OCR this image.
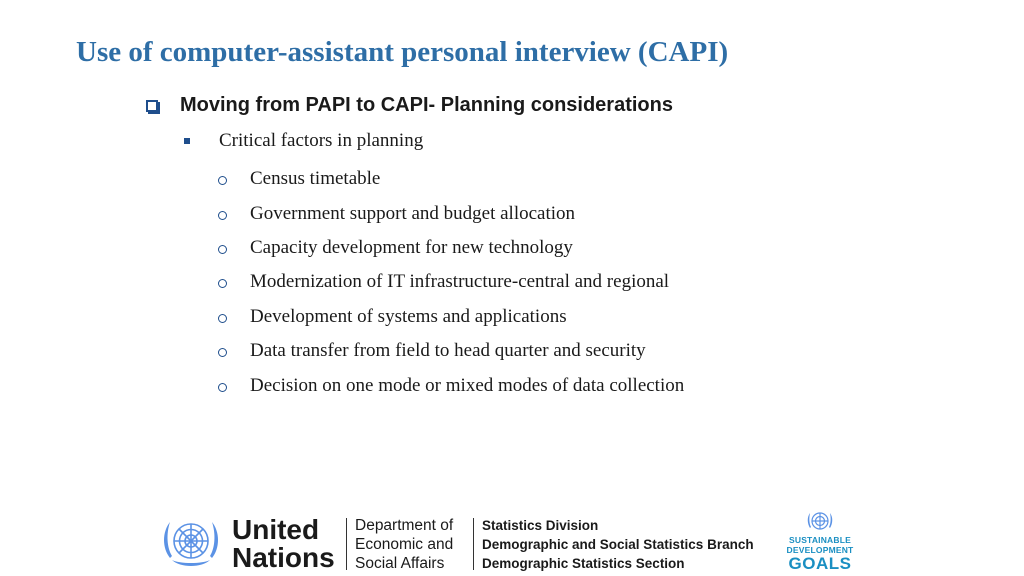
Use of computer-assistant personal interview (CAPI)
Moving from PAPI to CAPI- Planning considerations
Critical factors in planning
Census timetable
Government support and budget allocation
Capacity development for new technology
Modernization of IT infrastructure-central and regional
Development of systems and applications
Data transfer from field to head quarter and security
Decision on one mode or mixed modes of data collection
United
Nations
Department of
Economic and
Social Affairs
Statistics Division
Demographic and Social Statistics Branch
Demographic Statistics Section
SUSTAINABLE
DEVELOPMENT
GOALS
